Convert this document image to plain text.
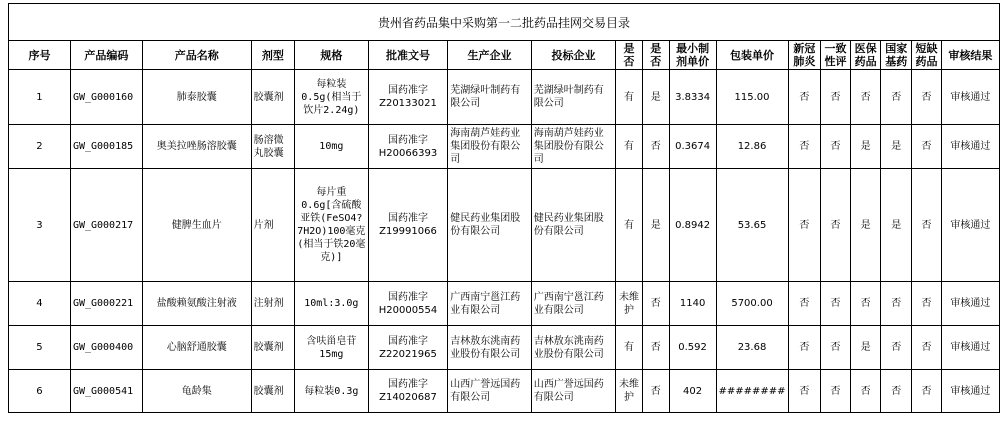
贵州省药品集中采购第一二批药品挂网交易目录																	
序号	产品编码	产品名称	剂型	规格	批准文号	生产企业	投标企业	是否	是否	最小制剂单价	包装单价	新冠肺炎	一致性评	医保药品	国家基药	短缺药品	审核结果
1	GW_G000160	肺泰胶囊	胶囊剂	每粒装0.5g(相当于饮片2.24g)	国药准字Z20133021	芜湖绿叶制药有限公司	芜湖绿叶制药有限公司	有	是	3.8334	115.00	否	否	否	否	否	审核通过
2	GW_G000185	奥美拉唑肠溶胶囊	肠溶微丸胶囊	10mg	国药准字H20066393	海南葫芦娃药业集团股份有限公司	海南葫芦娃药业集团股份有限公司	有	否	0.3674	12.86	否	否	是	是	否	审核通过
3	GW_G000217	健脾生血片	片剂	每片重0.6g[含硫酸亚铁(FeSO4?7H2O)100毫克(相当于铁20毫克)]	国药准字Z19991066	健民药业集团股份有限公司	健民药业集团股份有限公司	有	是	0.8942	53.65	否	否	是	是	否	审核通过
4	GW_G000221	盐酸赖氨酸注射液	注射剂	10ml:3.0g	国药准字H20000554	广西南宁邕江药业有限公司	广西南宁邕江药业有限公司	未维护	否	1140	5700.00	否	否	否	否	否	审核通过
5	GW_G000400	心脑舒通胶囊	胶囊剂	含呋甾皂苷15mg	国药准字Z22021965	吉林敖东洮南药业股份有限公司	吉林敖东洮南药业股份有限公司	有	否	0.592	23.68	否	否	是	否	否	审核通过
6	GW_G000541	龟龄集	胶囊剂	每粒装0.3g	国药准字Z14020687	山西广誉远国药有限公司	山西广誉远国药有限公司	未维护	否	402	########	否	否	否	否	否	审核通过
